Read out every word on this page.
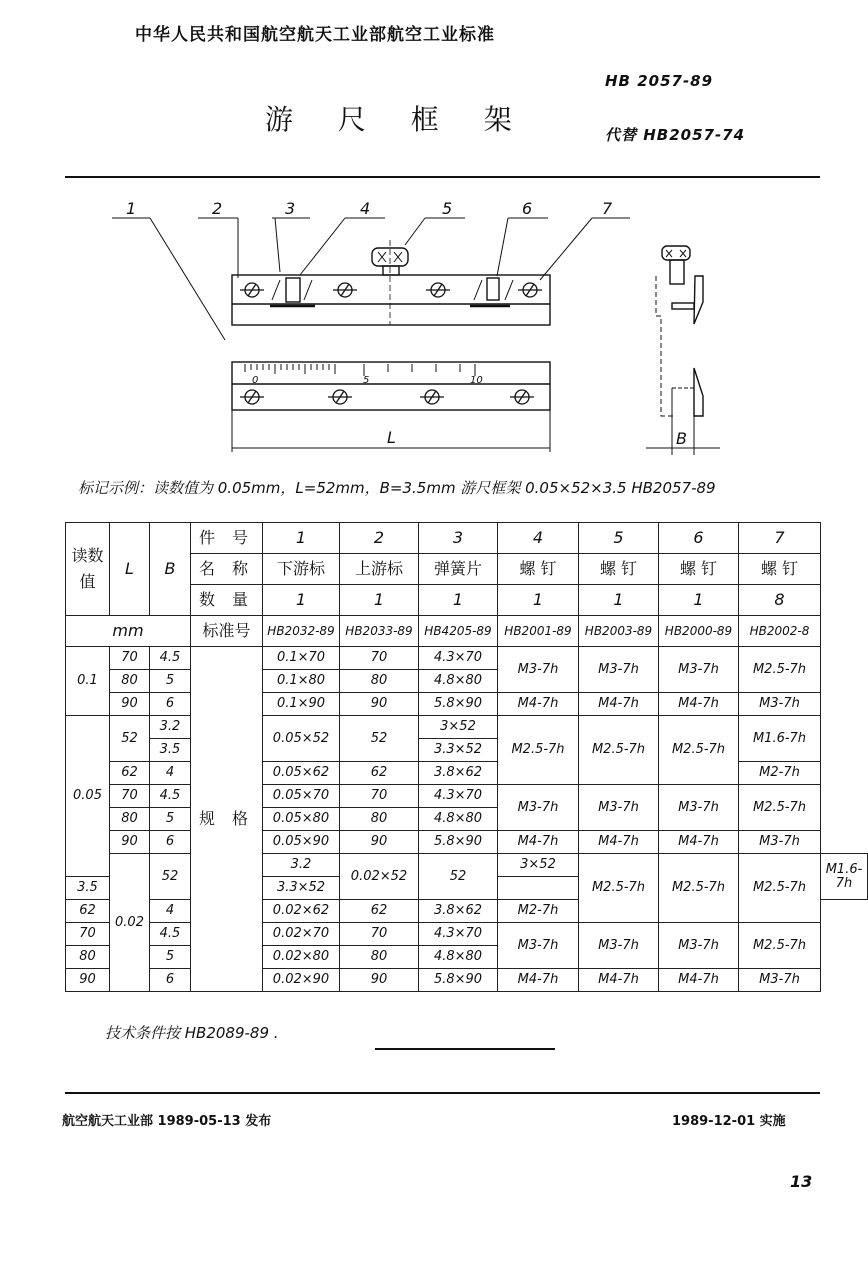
中华人民共和国航空航天工业部航空工业标准
游 尺 框 架
HB 2057-89
代替 HB2057-74
1	2	3	4	5	6	7
0	5	10
L	B
标记示例：读数值为 0.05mm，L=52mm，B=3.5mm 游尺框架 0.05×52×3.5 HB2057-89
读数值	L	B	件 号	1	2	3	4	5	6	7	
			名 称	下游标	上游标	弹簧片	螺 钉	螺 钉	螺 钉	螺 钉	
			数 量	1	1	1	1	1	1	8	
mm			标准号	HB2032-89	HB2033-89	HB4205-89	HB2001-89	HB2003-89	HB2000-89	HB2002-8	
0.1	70	4.5	规 格	0.1×70	70	4.3×70	M3-7h	M3-7h	M3-7h	M2.5-7h	
	80	5		0.1×80	80	4.8×80					
	90	6		0.1×90	90	5.8×90	M4-7h	M4-7h	M4-7h	M3-7h	
0.05	52	3.2		0.05×52	52	3×52	M2.5-7h	M2.5-7h	M2.5-7h	M1.6-7h	
		3.5				3.3×52					
	62	4		0.05×62	62	3.8×62				M2-7h	
	70	4.5		0.05×70	70	4.3×70	M3-7h	M3-7h	M3-7h	M2.5-7h	
	80	5		0.05×80	80	4.8×80					
	90	6		0.05×90	90	5.8×90	M4-7h	M4-7h	M4-7h	M3-7h	
	0.02	52		3.2	0.02×52	52	3×52	M2.5-7h	M2.5-7h	M2.5-7h	M1.6-7h
3.5				3.3×52							
62		4		0.02×62	62	3.8×62	M2-7h				
70		4.5		0.02×70	70	4.3×70	M3-7h	M3-7h	M3-7h	M2.5-7h	
80		5		0.02×80	80	4.8×80					
90		6		0.02×90	90	5.8×90	M4-7h	M4-7h	M4-7h	M3-7h	
技术条件按 HB2089-89 .
航空航天工业部 1989-05-13 发布	1989-12-01 实施
13
